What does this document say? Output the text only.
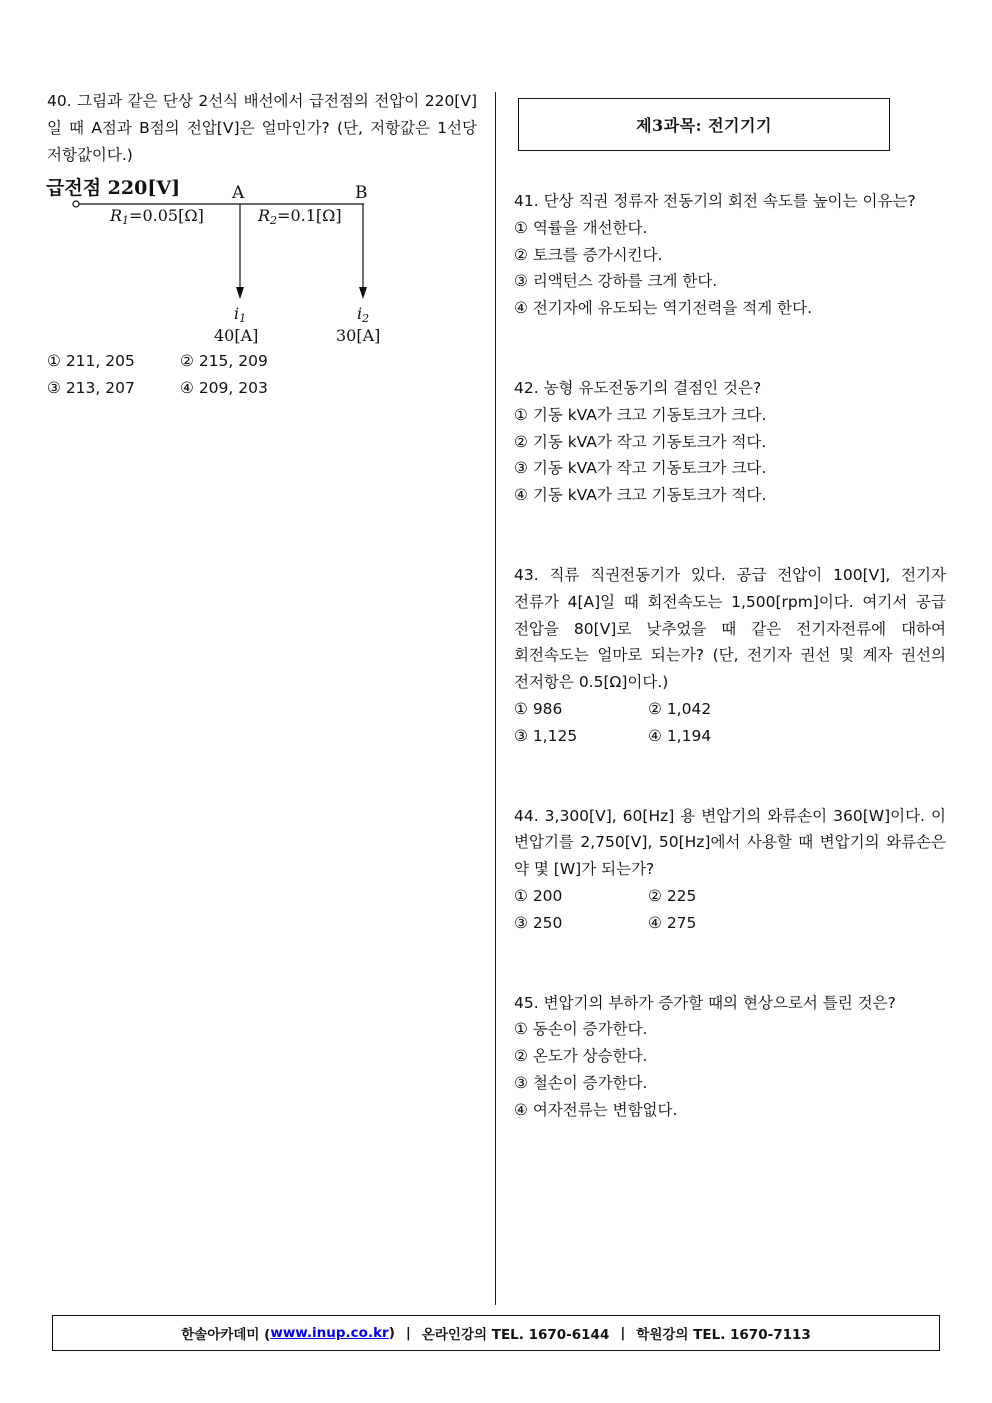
40. 그림과 같은 단상 2선식 배선에서 급전점의 전압이 220[V]일 때 A점과 B점의 전압[V]은 얼마인가? (단, 저항값은 1선당 저항값이다.)
급전점 220[V]	A	B
R1=0.05[Ω]	R2=0.1[Ω]
i1	i2
40[A]	30[A]
① 211, 205	② 215, 209
③ 213, 207	④ 209, 203
제3과목: 전기기기
41. 단상 직권 정류자 전동기의 회전 속도를 높이는 이유는?
① 역률을 개선한다.
② 토크를 증가시킨다.
③ 리액턴스 강하를 크게 한다.
④ 전기자에 유도되는 역기전력을 적게 한다.
42. 농형 유도전동기의 결점인 것은?
① 기동 kVA가 크고 기동토크가 크다.
② 기동 kVA가 작고 기동토크가 적다.
③ 기동 kVA가 작고 기동토크가 크다.
④ 기동 kVA가 크고 기동토크가 적다.
43. 직류 직권전동기가 있다. 공급 전압이 100[V], 전기자 전류가 4[A]일 때 회전속도는 1,500[rpm]이다. 여기서 공급 전압을 80[V]로 낮추었을 때 같은 전기자전류에 대하여 회전속도는 얼마로 되는가? (단, 전기자 권선 및 계자 권선의 전저항은 0.5[Ω]이다.)
① 986	② 1,042
③ 1,125	④ 1,194
44. 3,300[V], 60[Hz] 용 변압기의 와류손이 360[W]이다. 이 변압기를 2,750[V], 50[Hz]에서 사용할 때 변압기의 와류손은 약 몇 [W]가 되는가?
① 200	② 225
③ 250	④ 275
45. 변압기의 부하가 증가할 때의 현상으로서 틀린 것은?
① 동손이 증가한다.
② 온도가 상승한다.
③ 철손이 증가한다.
④ 여자전류는 변함없다.
한솔아카데미 ( www.inup.co.kr ) | 온라인강의 TEL. 1670-6144 | 학원강의 TEL. 1670-7113
